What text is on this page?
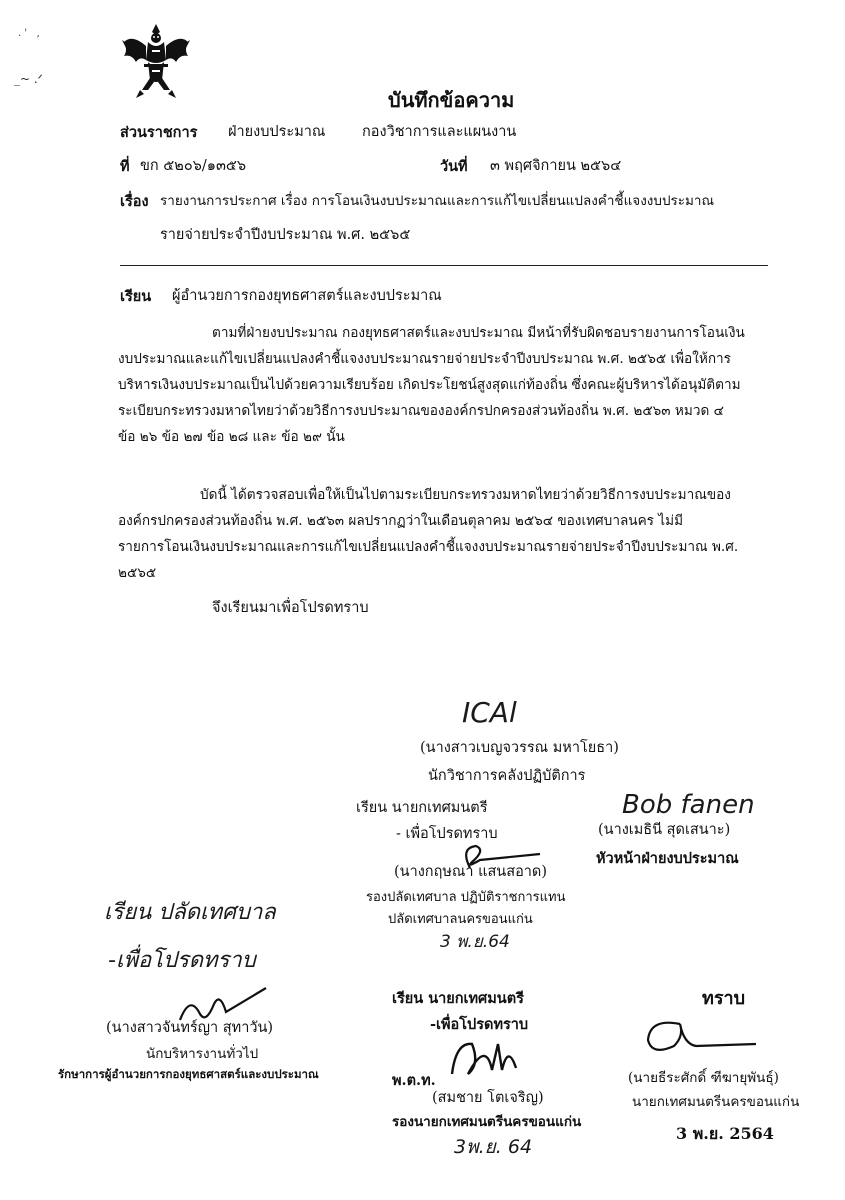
. '   ,
_~ .ᐟ
บันทึกข้อความ
ส่วนราชการ ฝ่ายงบประมาณ	กองวิชาการและแผนงาน
ที่ ขก ๕๒๐๖/๑๓๕๖	วันที่ ๓ พฤศจิกายน ๒๕๖๔
เรื่อง รายงานการประกาศ เรื่อง การโอนเงินงบประมาณและการแก้ไขเปลี่ยนแปลงคำชี้แจงงบประมาณ
รายจ่ายประจำปีงบประมาณ พ.ศ. ๒๕๖๕
เรียน ผู้อำนวยการกองยุทธศาสตร์และงบประมาณ

ตามที่ฝ่ายงบประมาณ กองยุทธศาสตร์และงบประมาณ มีหน้าที่รับผิดชอบรายงานการโอนเงิน

งบประมาณและแก้ไขเปลี่ยนแปลงคำชี้แจงงบประมาณรายจ่ายประจำปีงบประมาณ พ.ศ. ๒๕๖๕ เพื่อให้การ

บริหารเงินงบประมาณเป็นไปด้วยความเรียบร้อย เกิดประโยชน์สูงสุดแก่ท้องถิ่น ซึ่งคณะผู้บริหารได้อนุมัติตาม

ระเบียบกระทรวงมหาดไทยว่าด้วยวิธีการงบประมาณขององค์กรปกครองส่วนท้องถิ่น พ.ศ. ๒๕๖๓ หมวด ๔

ข้อ ๒๖ ข้อ ๒๗ ข้อ ๒๘ และ ข้อ ๒๙ นั้น

บัดนี้ ได้ตรวจสอบเพื่อให้เป็นไปตามระเบียบกระทรวงมหาดไทยว่าด้วยวิธีการงบประมาณของ

องค์กรปกครองส่วนท้องถิ่น พ.ศ. ๒๕๖๓ ผลปรากฏว่าในเดือนตุลาคม ๒๕๖๔ ของเทศบาลนคร ไม่มี

รายการโอนเงินงบประมาณและการแก้ไขเปลี่ยนแปลงคำชี้แจงงบประมาณรายจ่ายประจำปีงบประมาณ พ.ศ.

๒๕๖๕

จึงเรียนมาเพื่อโปรดทราบ
ICAl
(นางสาวเบญจวรรณ มหาโยธา)
นักวิชาการคลังปฏิบัติการ
เรียน นายกเทศมนตรี
- เพื่อโปรดทราบ
(นางกฤษณา แสนสอาด)
รองปลัดเทศบาล ปฏิบัติราชการแทน
ปลัดเทศบาลนครขอนแก่น
3 พ.ย.64
Bob fanen
(นางเมธินี สุดเสนาะ)
หัวหน้าฝ่ายงบประมาณ
เรียน ปลัดเทศบาล
-เพื่อโปรดทราบ
(นางสาวจันทร์ญา สุทาวัน)
นักบริหารงานทั่วไป
รักษาการผู้อำนวยการกองยุทธศาสตร์และงบประมาณ
เรียน นายกเทศมนตรี
-เพื่อโปรดทราบ
พ.ต.ท.
(สมชาย โตเจริญ)
รองนายกเทศมนตรีนครขอนแก่น
3พ.ย. 64
ทราบ
(นายธีระศักดิ์ ฑีฆายุพันธุ์)
นายกเทศมนตรีนครขอนแก่น
3 พ.ย. 2564
